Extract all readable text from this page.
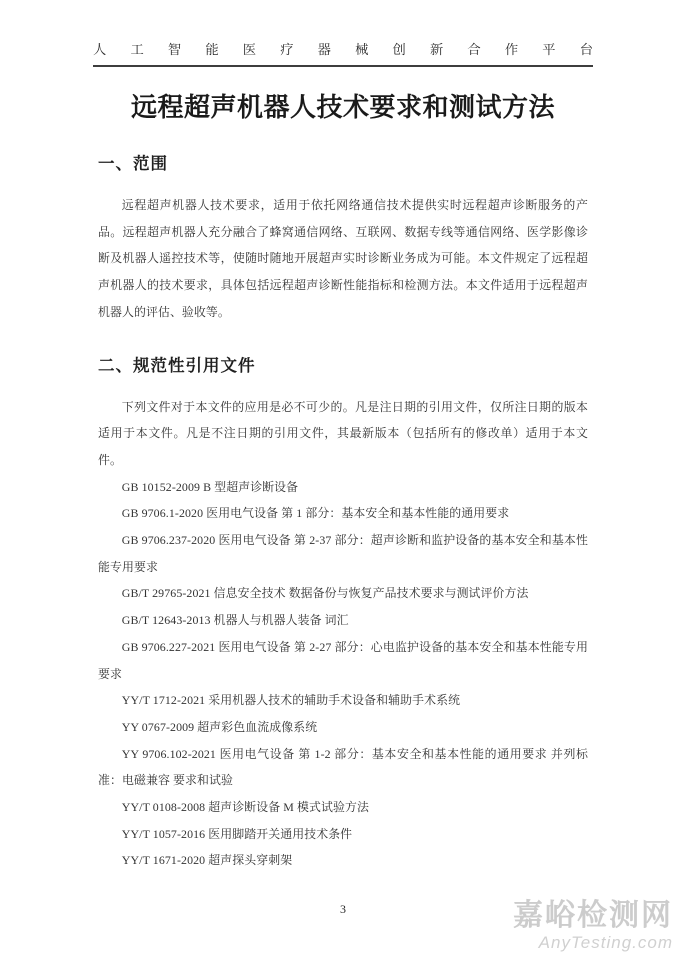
人 工 智 能 医 疗 器 械 创 新 合 作 平 台
远程超声机器人技术要求和测试方法
一、范围

远程超声机器人技术要求，适用于依托网络通信技术提供实时远程超声诊断服务的产品。远程超声机器人充分融合了蜂窝通信网络、互联网、数据专线等通信网络、医学影像诊断及机器人遥控技术等，使随时随地开展超声实时诊断业务成为可能。本文件规定了远程超声机器人的技术要求，具体包括远程超声诊断性能指标和检测方法。本文件适用于远程超声机器人的评估、验收等。

二、规范性引用文件

下列文件对于本文件的应用是必不可少的。凡是注日期的引用文件，仅所注日期的版本适用于本文件。凡是不注日期的引用文件，其最新版本（包括所有的修改单）适用于本文件。

GB 10152-2009 B 型超声诊断设备

GB 9706.1-2020 医用电气设备 第 1 部分：基本安全和基本性能的通用要求

GB 9706.237-2020 医用电气设备 第 2-37 部分：超声诊断和监护设备的基本安全和基本性能专用要求

GB/T 29765-2021 信息安全技术 数据备份与恢复产品技术要求与测试评价方法

GB/T 12643-2013 机器人与机器人装备 词汇

GB 9706.227-2021 医用电气设备 第 2-27 部分：心电监护设备的基本安全和基本性能专用要求

YY/T 1712-2021 采用机器人技术的辅助手术设备和辅助手术系统

YY 0767-2009 超声彩色血流成像系统

YY 9706.102-2021 医用电气设备 第 1-2 部分：基本安全和基本性能的通用要求 并列标准：电磁兼容 要求和试验

YY/T 0108-2008 超声诊断设备 M 模式试验方法

YY/T 1057-2016 医用脚踏开关通用技术条件

YY/T 1671-2020 超声探头穿刺架

3	嘉峪检测网
AnyTesting.com
